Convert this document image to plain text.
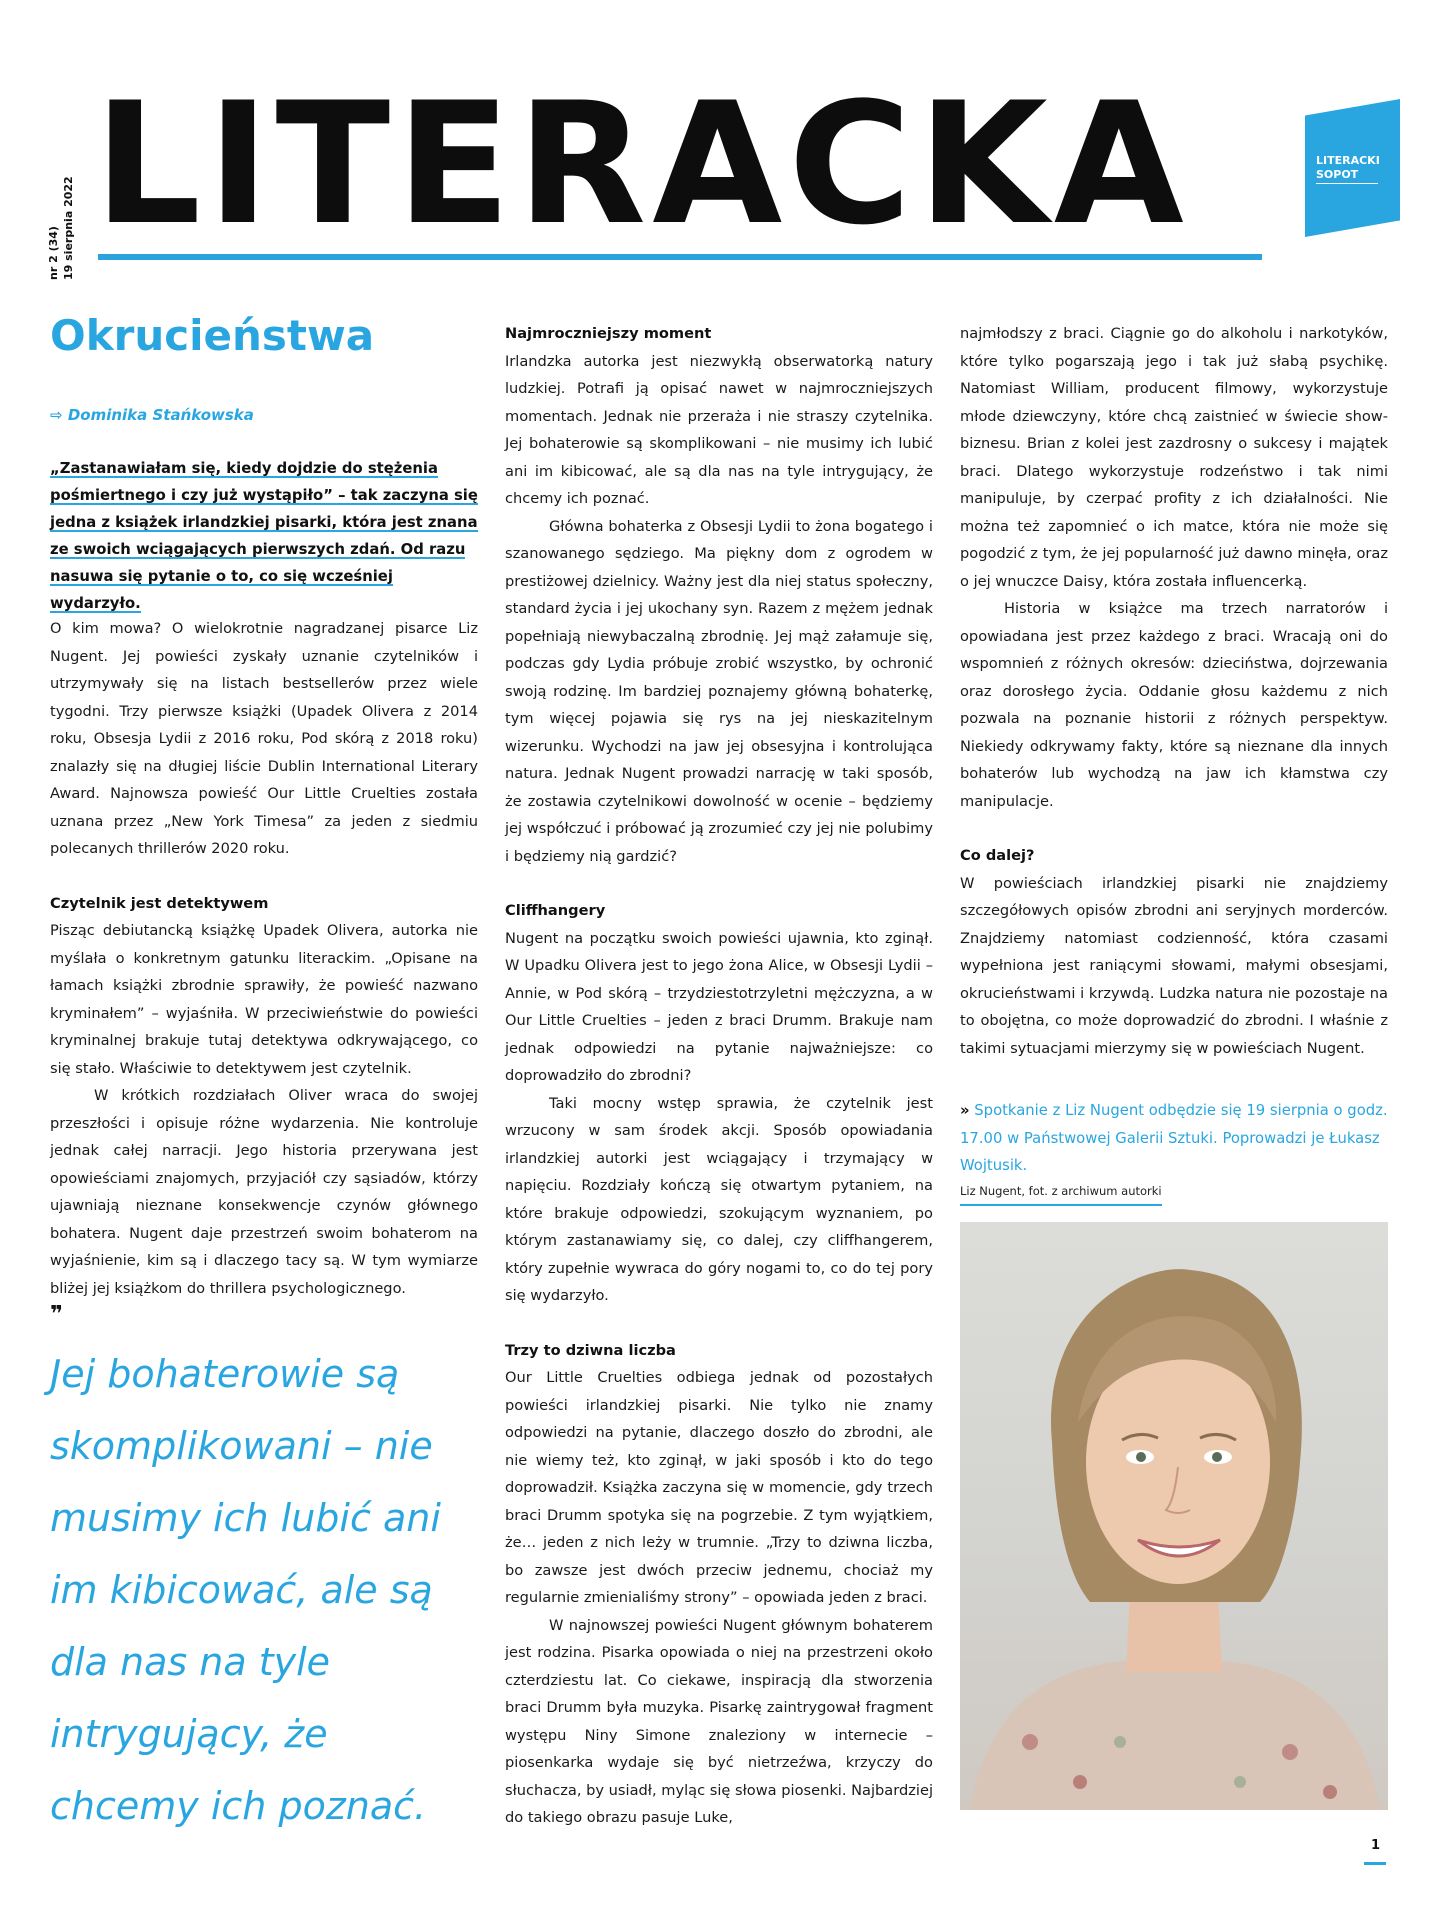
nr 2 (34) 19 sierpnia 2022 LITERACKA	LITERACKI
SOPOT
Okrucieństwa
⇨ Dominika Stańkowska
„Zastanawiałam się, kiedy dojdzie do stężenia pośmiertnego i czy już wystąpiło” – tak zaczyna się jedna z książek irlandzkiej pisarki, która jest znana ze swoich wciągających pierwszych zdań. Od razu nasuwa się pytanie o to, co się wcześniej wydarzyło.

O kim mowa? O wielokrotnie nagradzanej pisarce Liz Nugent. Jej powieści zyskały uznanie czytelników i utrzymywały się na listach bestsellerów przez wiele tygodni. Trzy pierwsze książki (Upadek Olivera z 2014 roku, Obsesja Lydii z 2016 roku, Pod skórą z 2018 roku) znalazły się na długiej liście Dublin International Literary Award. Najnowsza powieść Our Little Cruelties została uznana przez „New York Timesa” za jeden z siedmiu polecanych thrillerów 2020 roku.

Czytelnik jest detektywem

Pisząc debiutancką książkę Upadek Olivera, autorka nie myślała o konkretnym gatunku literackim. „Opisane na łamach książki zbrodnie sprawiły, że powieść nazwano kryminałem” – wyjaśniła. W przeciwieństwie do powieści kryminalnej brakuje tutaj detektywa odkrywającego, co się stało. Właściwie to detektywem jest czytelnik.

W krótkich rozdziałach Oliver wraca do swojej przeszłości i opisuje różne wydarzenia. Nie kontroluje jednak całej narracji. Jego historia przerywana jest opowieściami znajomych, przyjaciół czy sąsiadów, którzy ujawniają nieznane konsekwencje czynów głównego bohatera. Nugent daje przestrzeń swoim bohaterom na wyjaśnienie, kim są i dlaczego tacy są. W tym wymiarze bliżej jej książkom do thrillera psychologicznego.

❞
Jej bohaterowie są skomplikowani – nie musimy ich lubić ani im kibicować, ale są dla nas na tyle intrygujący, że chcemy ich poznać.
Najmroczniejszy moment

Irlandzka autorka jest niezwykłą obserwatorką natury ludzkiej. Potrafi ją opisać nawet w najmroczniejszych momentach. Jednak nie przeraża i nie straszy czytelnika. Jej bohaterowie są skomplikowani – nie musimy ich lubić ani im kibicować, ale są dla nas na tyle intrygujący, że chcemy ich poznać.

Główna bohaterka z Obsesji Lydii to żona bogatego i szanowanego sędziego. Ma piękny dom z ogrodem w prestiżowej dzielnicy. Ważny jest dla niej status społeczny, standard życia i jej ukochany syn. Razem z mężem jednak popełniają niewybaczalną zbrodnię. Jej mąż załamuje się, podczas gdy Lydia próbuje zrobić wszystko, by ochronić swoją rodzinę. Im bardziej poznajemy główną bohaterkę, tym więcej pojawia się rys na jej nieskazitelnym wizerunku. Wychodzi na jaw jej obsesyjna i kontrolująca natura. Jednak Nugent prowadzi narrację w taki sposób, że zostawia czytelnikowi dowolność w ocenie – będziemy jej współczuć i próbować ją zrozumieć czy jej nie polubimy i będziemy nią gardzić?

Cliffhangery

Nugent na początku swoich powieści ujawnia, kto zginął. W Upadku Olivera jest to jego żona Alice, w Obsesji Lydii – Annie, w Pod skórą – trzydziestotrzyletni mężczyzna, a w Our Little Cruelties – jeden z braci Drumm. Brakuje nam jednak odpowiedzi na pytanie najważniejsze: co doprowadziło do zbrodni?

Taki mocny wstęp sprawia, że czytelnik jest wrzucony w sam środek akcji. Sposób opowiadania irlandzkiej autorki jest wciągający i trzymający w napięciu. Rozdziały kończą się otwartym pytaniem, na które brakuje odpowiedzi, szokującym wyznaniem, po którym zastanawiamy się, co dalej, czy cliffhangerem, który zupełnie wywraca do góry nogami to, co do tej pory się wydarzyło.

Trzy to dziwna liczba

Our Little Cruelties odbiega jednak od pozostałych powieści irlandzkiej pisarki. Nie tylko nie znamy odpowiedzi na pytanie, dlaczego doszło do zbrodni, ale nie wiemy też, kto zginął, w jaki sposób i kto do tego doprowadził. Książka zaczyna się w momencie, gdy trzech braci Drumm spotyka się na pogrzebie. Z tym wyjątkiem, że… jeden z nich leży w trumnie. „Trzy to dziwna liczba, bo zawsze jest dwóch przeciw jednemu, chociaż my regularnie zmienialiśmy strony” – opowiada jeden z braci.

W najnowszej powieści Nugent głównym bohaterem jest rodzina. Pisarka opowiada o niej na przestrzeni około czterdziestu lat. Co ciekawe, inspiracją dla stworzenia braci Drumm była muzyka. Pisarkę zaintrygował fragment występu Niny Simone znaleziony w internecie – piosenkarka wydaje się być nietrzeźwa, krzyczy do słuchacza, by usiadł, myląc się słowa piosenki. Najbardziej do takiego obrazu pasuje Luke,

najmłodszy z braci. Ciągnie go do alkoholu i narkotyków, które tylko pogarszają jego i tak już słabą psychikę. Natomiast William, producent filmowy, wykorzystuje młode dziewczyny, które chcą zaistnieć w świecie show-biznesu. Brian z kolei jest zazdrosny o sukcesy i majątek braci. Dlatego wykorzystuje rodzeństwo i tak nimi manipuluje, by czerpać profity z ich działalności. Nie można też zapomnieć o ich matce, która nie może się pogodzić z tym, że jej popularność już dawno minęła, oraz o jej wnuczce Daisy, która została influencerką.

Historia w książce ma trzech narratorów i opowiadana jest przez każdego z braci. Wracają oni do wspomnień z różnych okresów: dzieciństwa, dojrzewania oraz dorosłego życia. Oddanie głosu każdemu z nich pozwala na poznanie historii z różnych perspektyw. Niekiedy odkrywamy fakty, które są nieznane dla innych bohaterów lub wychodzą na jaw ich kłamstwa czy manipulacje.

Co dalej?

W powieściach irlandzkiej pisarki nie znajdziemy szczegółowych opisów zbrodni ani seryjnych morderców. Znajdziemy natomiast codzienność, która czasami wypełniona jest raniącymi słowami, małymi obsesjami, okrucieństwami i krzywdą. Ludzka natura nie pozostaje na to obojętna, co może doprowadzić do zbrodni. I właśnie z takimi sytuacjami mierzymy się w powieściach Nugent.

» Spotkanie z Liz Nugent odbędzie się 19 sierpnia o godz. 17.00 w Państwowej Galerii Sztuki. Poprowadzi je Łukasz Wojtusik.
Liz Nugent, fot. z archiwum autorki
1
